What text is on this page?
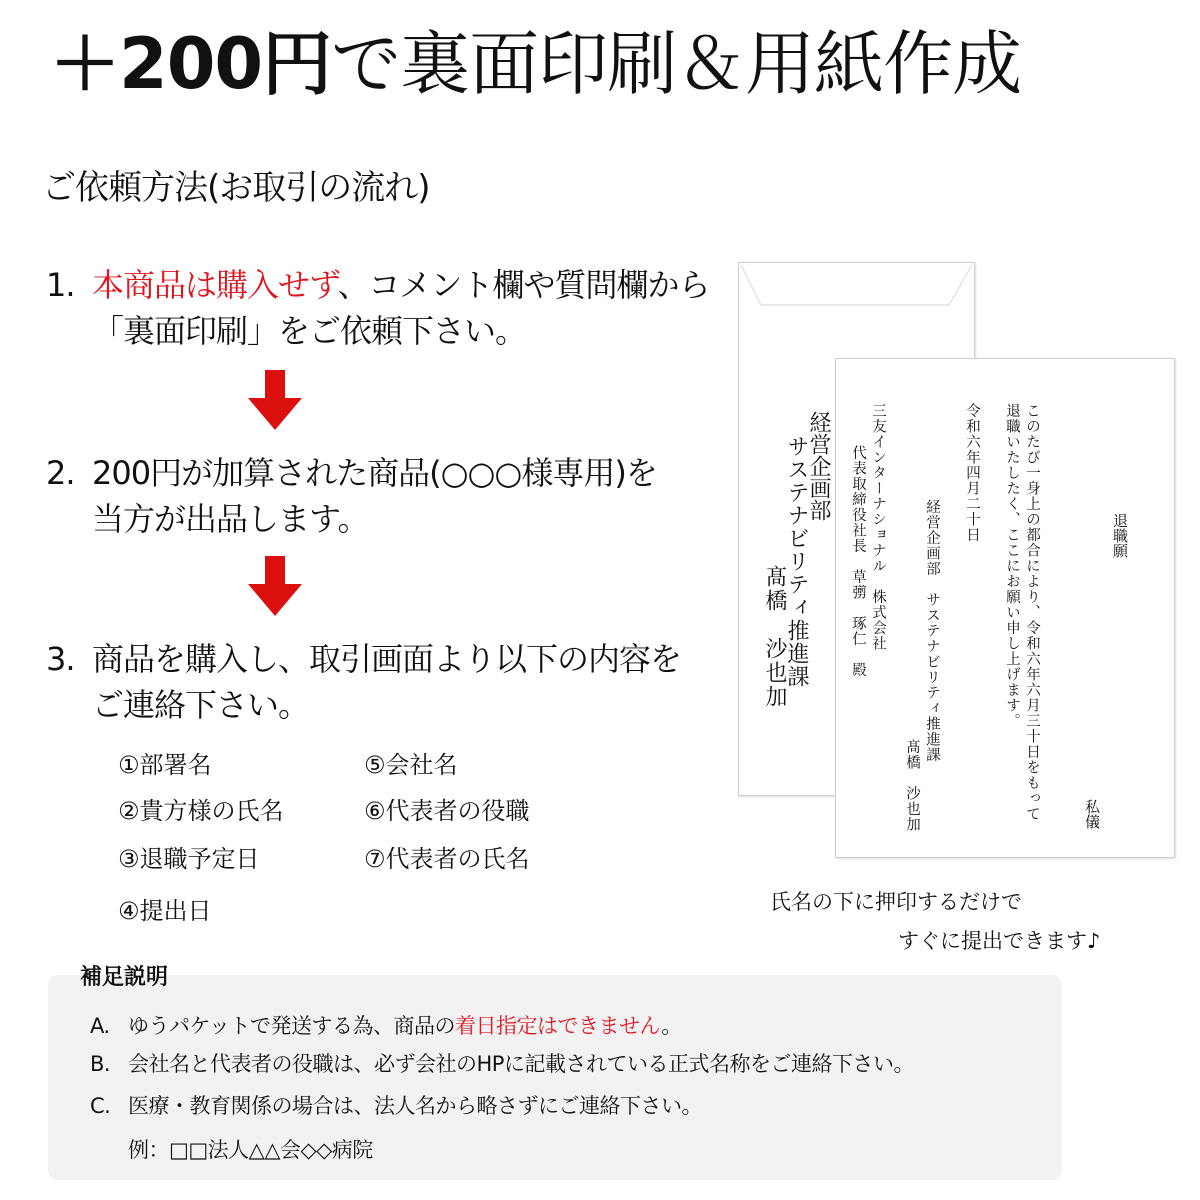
＋200円で裏面印刷＆用紙作成
ご依頼方法(お取引の流れ)
1. 本商品は購入せず、コメント欄や質問欄から
「裏面印刷」をご依頼下さい。
2. 200円が加算された商品(○○○様専用)を
当方が出品します。
3. 商品を購入し、取引画面より以下の内容を
ご連絡下さい。
①部署名
②貴方様の氏名
③退職予定日
④提出日
⑤会社名
⑥代表者の役職
⑦代表者の氏名
経営企画部
サステナビリティ推進課
髙橋　沙也加
退職願
私儀
このたび一身上の都合により、令和六年六月三十日をもって
退職いたしたく、ここにお願い申し上げます。
令和六年四月二十日
経営企画部　サステナビリティ推進課
髙橋　沙也加
三友インターナショナル　株式会社
代表取締役社長　草彅　琢仁　殿
氏名の下に押印するだけで
すぐに提出できます♪
補足説明
A. ゆうパケットで発送する為、商品の着日指定はできません。
B. 会社名と代表者の役職は、必ず会社のHPに記載されている正式名称をご連絡下さい。
C. 医療・教育関係の場合は、法人名から略さずにご連絡下さい。
例：□□法人△△会◇◇病院
